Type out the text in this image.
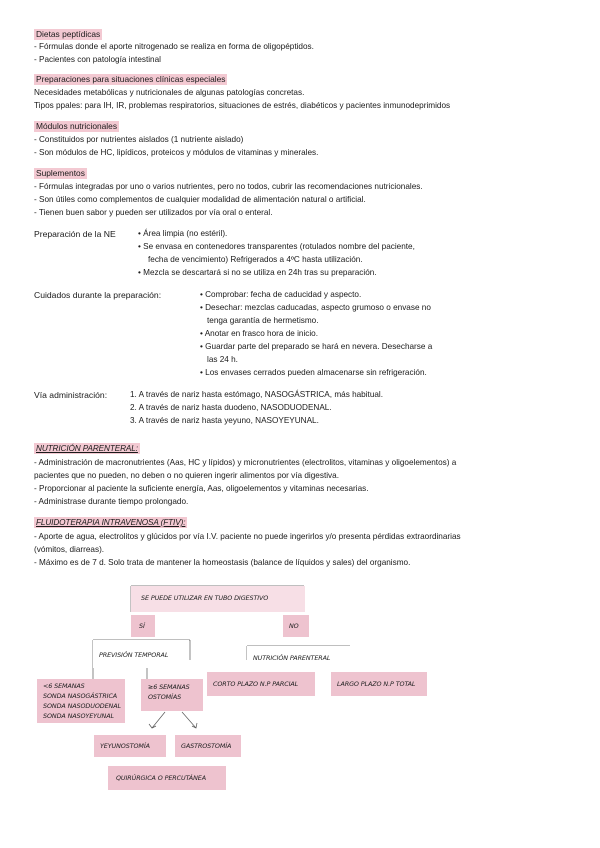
Dietas peptídicas
- Fórmulas donde el aporte nitrogenado se realiza en forma de oligopéptidos.
- Pacientes con patología intestinal
Preparaciones para situaciones clínicas especiales
Necesidades metabólicas y nutricionales de algunas patologías concretas.
Tipos ppales: para IH, IR, problemas respiratorios, situaciones de estrés, diabéticos y pacientes inmunodeprimidos
Módulos nutricionales
- Constituidos por nutrientes aislados (1 nutriente aislado)
- Son módulos de HC, lipídicos, proteicos y módulos de vitaminas y minerales.
Suplementos
- Fórmulas integradas por uno o varios nutrientes, pero no todos, cubrir las recomendaciones nutricionales.
- Son útiles como complementos de cualquier modalidad de alimentación natural o artificial.
- Tienen buen sabor y pueden ser utilizados por vía oral o enteral.
Preparación de la NE	• Área limpia (no estéril).
• Se envasa en contenedores transparentes (rotulados nombre del paciente,
fecha de vencimiento) Refrigerados a 4ºC hasta utilización.
• Mezcla se descartará si no se utiliza en 24h tras su preparación.
Cuidados durante la preparación:	• Comprobar: fecha de caducidad y aspecto.
• Desechar: mezclas caducadas, aspecto grumoso o envase no
tenga garantía de hermetismo.
• Anotar en frasco hora de inicio.
• Guardar parte del preparado se hará en nevera. Desecharse a
las 24 h.
• Los envases cerrados pueden almacenarse sin refrigeración.
Vía administración:	1. A través de nariz hasta estómago, NASOGÁSTRICA, más habitual.
2. A través de nariz hasta duodeno, NASODUODENAL.
3. A través de nariz hasta yeyuno, NASOYEYUNAL.
NUTRICIÓN PARENTERAL:
- Administración de macronutrientes (Aas, HC y lípidos) y micronutrientes (electrolitos, vitaminas y oligoelementos) a
pacientes que no pueden, no deben o no quieren ingerir alimentos por vía digestiva.
- Proporcionar al paciente la suficiente energía, Aas, oligoelementos y vitaminas necesarias.
- Administrase durante tiempo prolongado.
FLUIDOTERAPIA INTRAVENOSA (FTIV):
- Aporte de agua, electrolitos y glúcidos por vía I.V. paciente no puede ingerirlos y/o presenta pérdidas extraordinarias
(vómitos, diarreas).
- Máximo es de 7 d. Solo trata de mantener la homeostasis (balance de líquidos y sales) del organismo.
SE PUEDE UTILIZAR EN TUBO DIGESTIVO
SÍ	NO
PREVISIÓN TEMPORAL	NUTRICIÓN PARENTERAL
CORTO PLAZO N.P PARCIAL	LARGO PLAZO N.P TOTAL
<6 SEMANAS
SONDA NASOGÁSTRICA
SONDA NASODUODENAL
SONDA NASOYEYUNAL
≥6 SEMANAS
OSTOMÍAS
YEYUNOSTOMÍA	GASTROSTOMÍA
QUIRÚRGICA O PERCUTÁNEA
